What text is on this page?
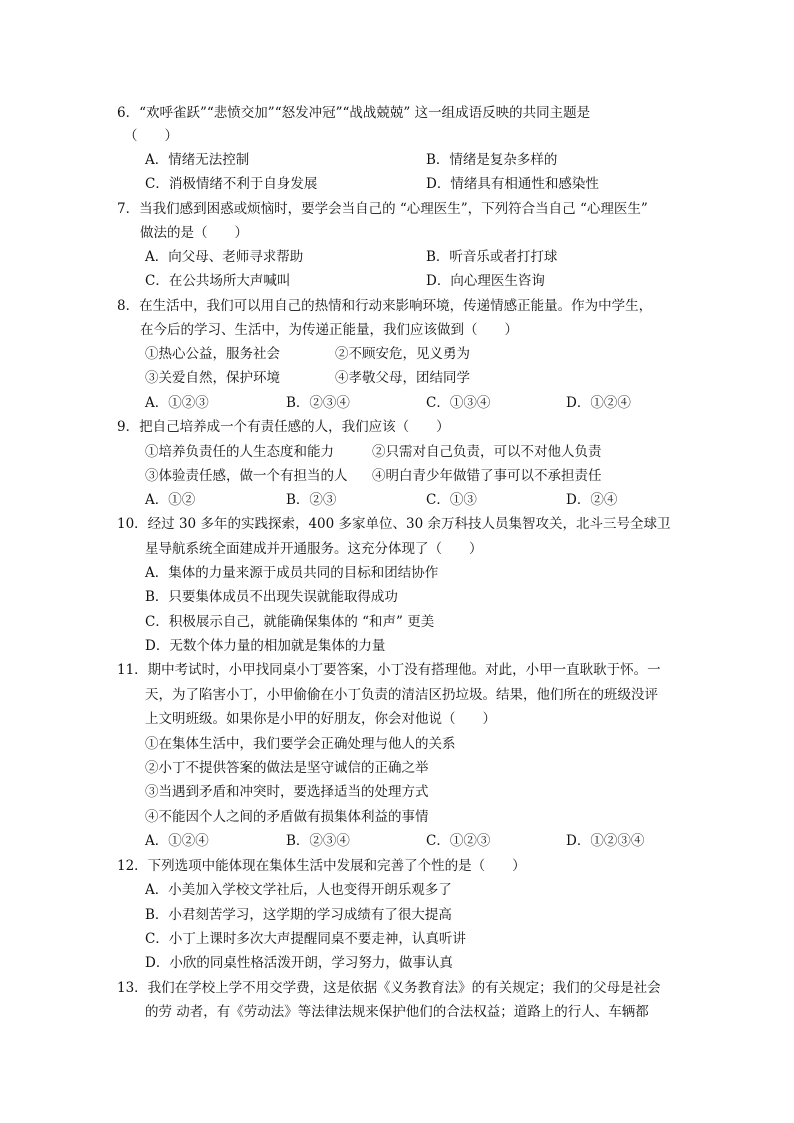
6．“欢呼雀跃”“悲愤交加”“怒发冲冠”“战战兢兢” 这一组成语反映的共同主题是
（　　）
A．情绪无法控制	B．情绪是复杂多样的
C．消极情绪不利于自身发展	D．情绪具有相通性和感染性
7．当我们感到困惑或烦恼时，要学会当自己的 “心理医生”，下列符合当自己 “心理医生”
做法的是（　　）
A．向父母、老师寻求帮助	B．听音乐或者打打球
C．在公共场所大声喊叫	D．向心理医生咨询
8．在生活中，我们可以用自己的热情和行动来影响环境，传递情感正能量。作为中学生，
在今后的学习、生活中，为传递正能量，我们应该做到（　　）
①热心公益，服务社会	②不顾安危，见义勇为
③关爱自然，保护环境	④孝敬父母，团结同学
A．①②③	B．②③④	C．①③④	D．①②④
9．把自己培养成一个有责任感的人，我们应该（　　）
①培养负责任的人生态度和能力	②只需对自己负责，可以不对他人负责
③体验责任感，做一个有担当的人 ④明白青少年做错了事可以不承担责任
A．①②	B．②③	C．①③	D．②④
10．经过 30 多年的实践探索，400 多家单位、30 余万科技人员集智攻关，北斗三号全球卫
星导航系统全面建成并开通服务。这充分体现了（　　）
A．集体的力量来源于成员共同的目标和团结协作
B．只要集体成员不出现失误就能取得成功
C．积极展示自己，就能确保集体的 “和声” 更美
D．无数个体力量的相加就是集体的力量
11．期中考试时，小甲找同桌小丁要答案，小丁没有搭理他。对此，小甲一直耿耿于怀。一
天，为了陷害小丁，小甲偷偷在小丁负责的清洁区扔垃圾。结果，他们所在的班级没评
上文明班级。如果你是小甲的好朋友，你会对他说（　　）
①在集体生活中，我们要学会正确处理与他人的关系
②小丁不提供答案的做法是坚守诚信的正确之举
③当遇到矛盾和冲突时，要选择适当的处理方式
④不能因个人之间的矛盾做有损集体利益的事情
A．①②④	B．②③④	C．①②③	D．①②③④
12．下列选项中能体现在集体生活中发展和完善了个性的是（　　）
A．小美加入学校文学社后，人也变得开朗乐观多了
B．小君刻苦学习，这学期的学习成绩有了很大提高
C．小丁上课时多次大声提醒同桌不要走神，认真听讲
D．小欣的同桌性格活泼开朗，学习努力，做事认真
13．我们在学校上学不用交学费，这是依据《义务教育法》的有关规定；我们的父母是社会
的劳 动者，有《劳动法》等法律法规来保护他们的合法权益；道路上的行人、车辆都
